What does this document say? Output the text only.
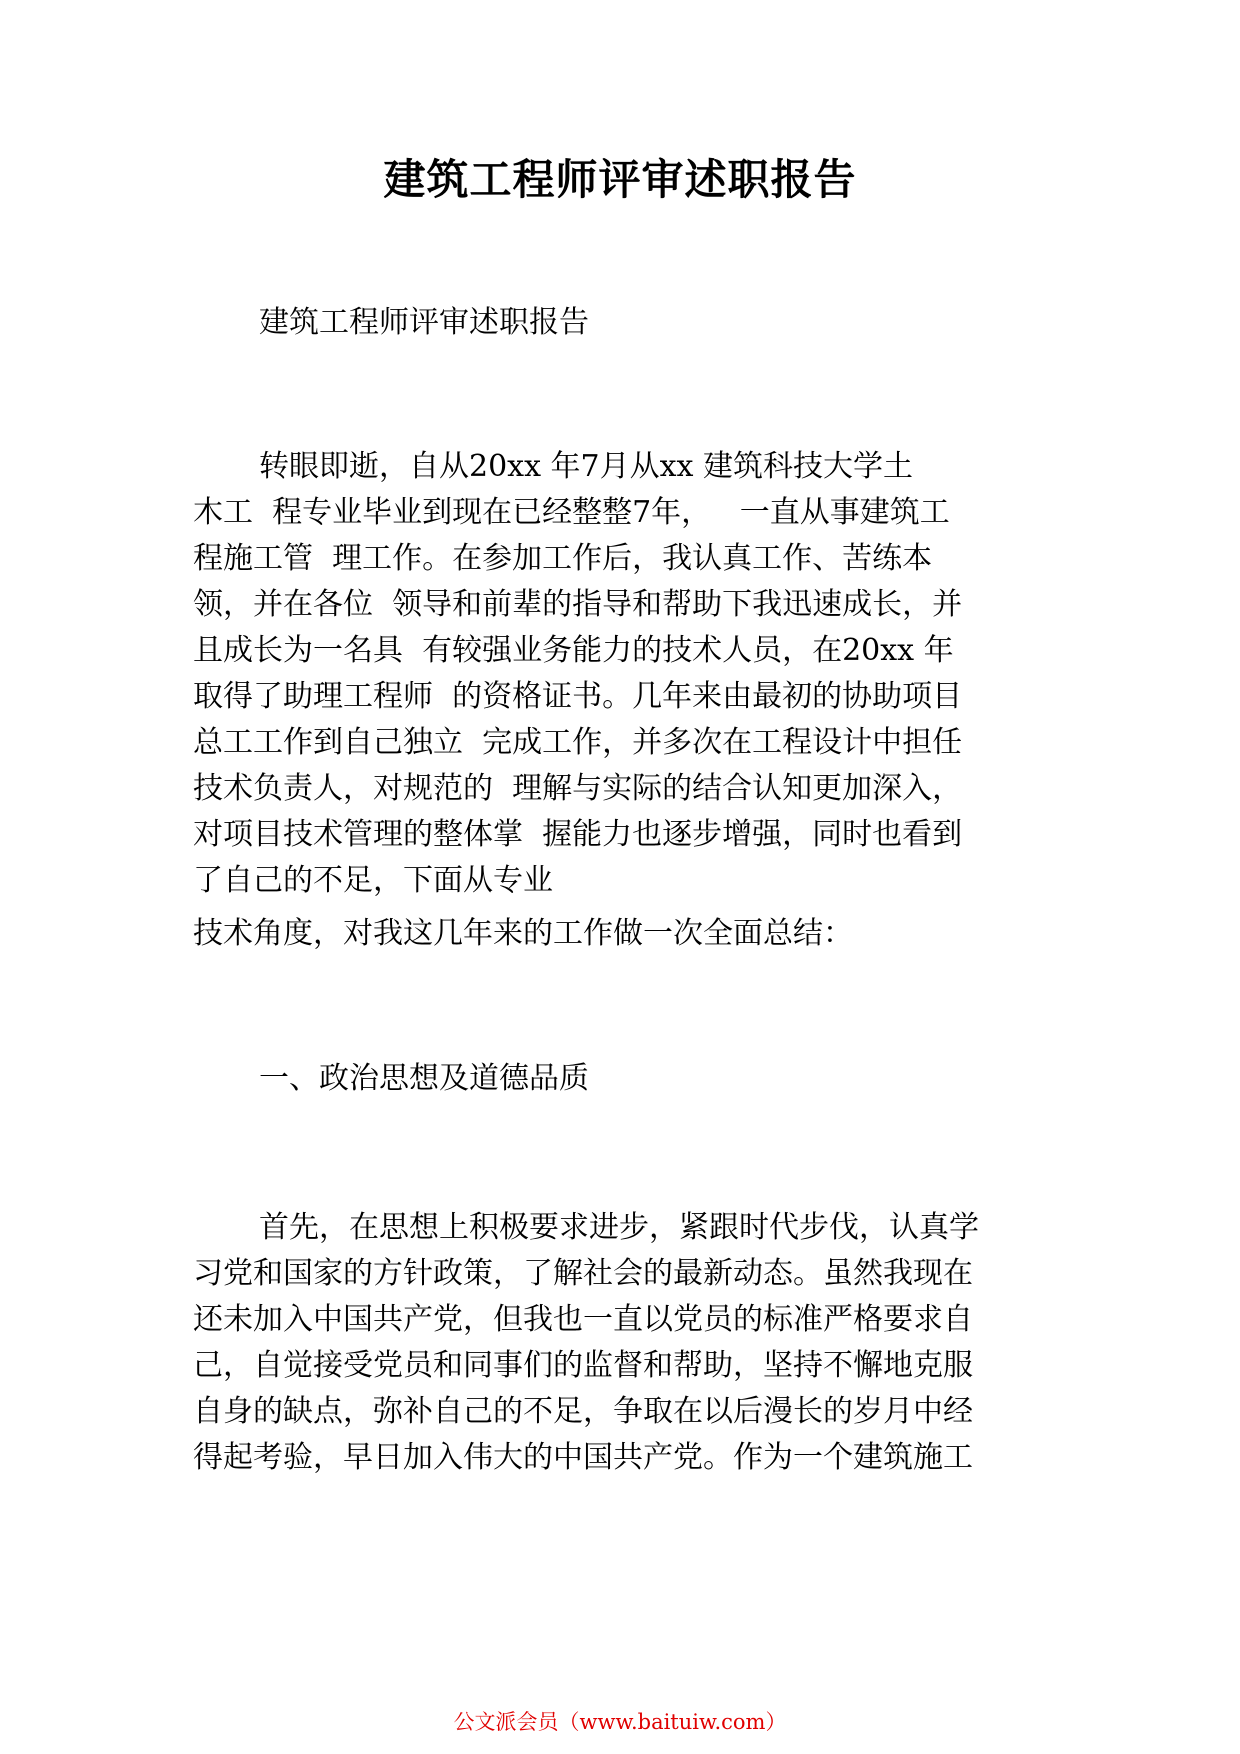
建筑工程师评审述职报告
建筑工程师评审述职报告
转眼即逝，自从20xx 年7月从xx 建筑科技大学土
木工  程专业毕业到现在已经整整7年，   一直从事建筑工
程施工管  理工作。在参加工作后，我认真工作、苦练本
领，并在各位  领导和前辈的指导和帮助下我迅速成长，并
且成长为一名具  有较强业务能力的技术人员，在20xx 年
取得了助理工程师  的资格证书。几年来由最初的协助项目
总工工作到自己独立  完成工作，并多次在工程设计中担任
技术负责人，对规范的  理解与实际的结合认知更加深入，
对项目技术管理的整体掌  握能力也逐步增强，同时也看到
了自己的不足，下面从专业
技术角度，对我这几年来的工作做一次全面总结：
一、政治思想及道德品质
首先，在思想上积极要求进步，紧跟时代步伐，认真学
习党和国家的方针政策，了解社会的最新动态。虽然我现在
还未加入中国共产党，但我也一直以党员的标准严格要求自
己，自觉接受党员和同事们的监督和帮助，坚持不懈地克服
自身的缺点，弥补自己的不足，争取在以后漫长的岁月中经
得起考验，早日加入伟大的中国共产党。作为一个建筑施工
公文派会员（www.baituiw.com）
